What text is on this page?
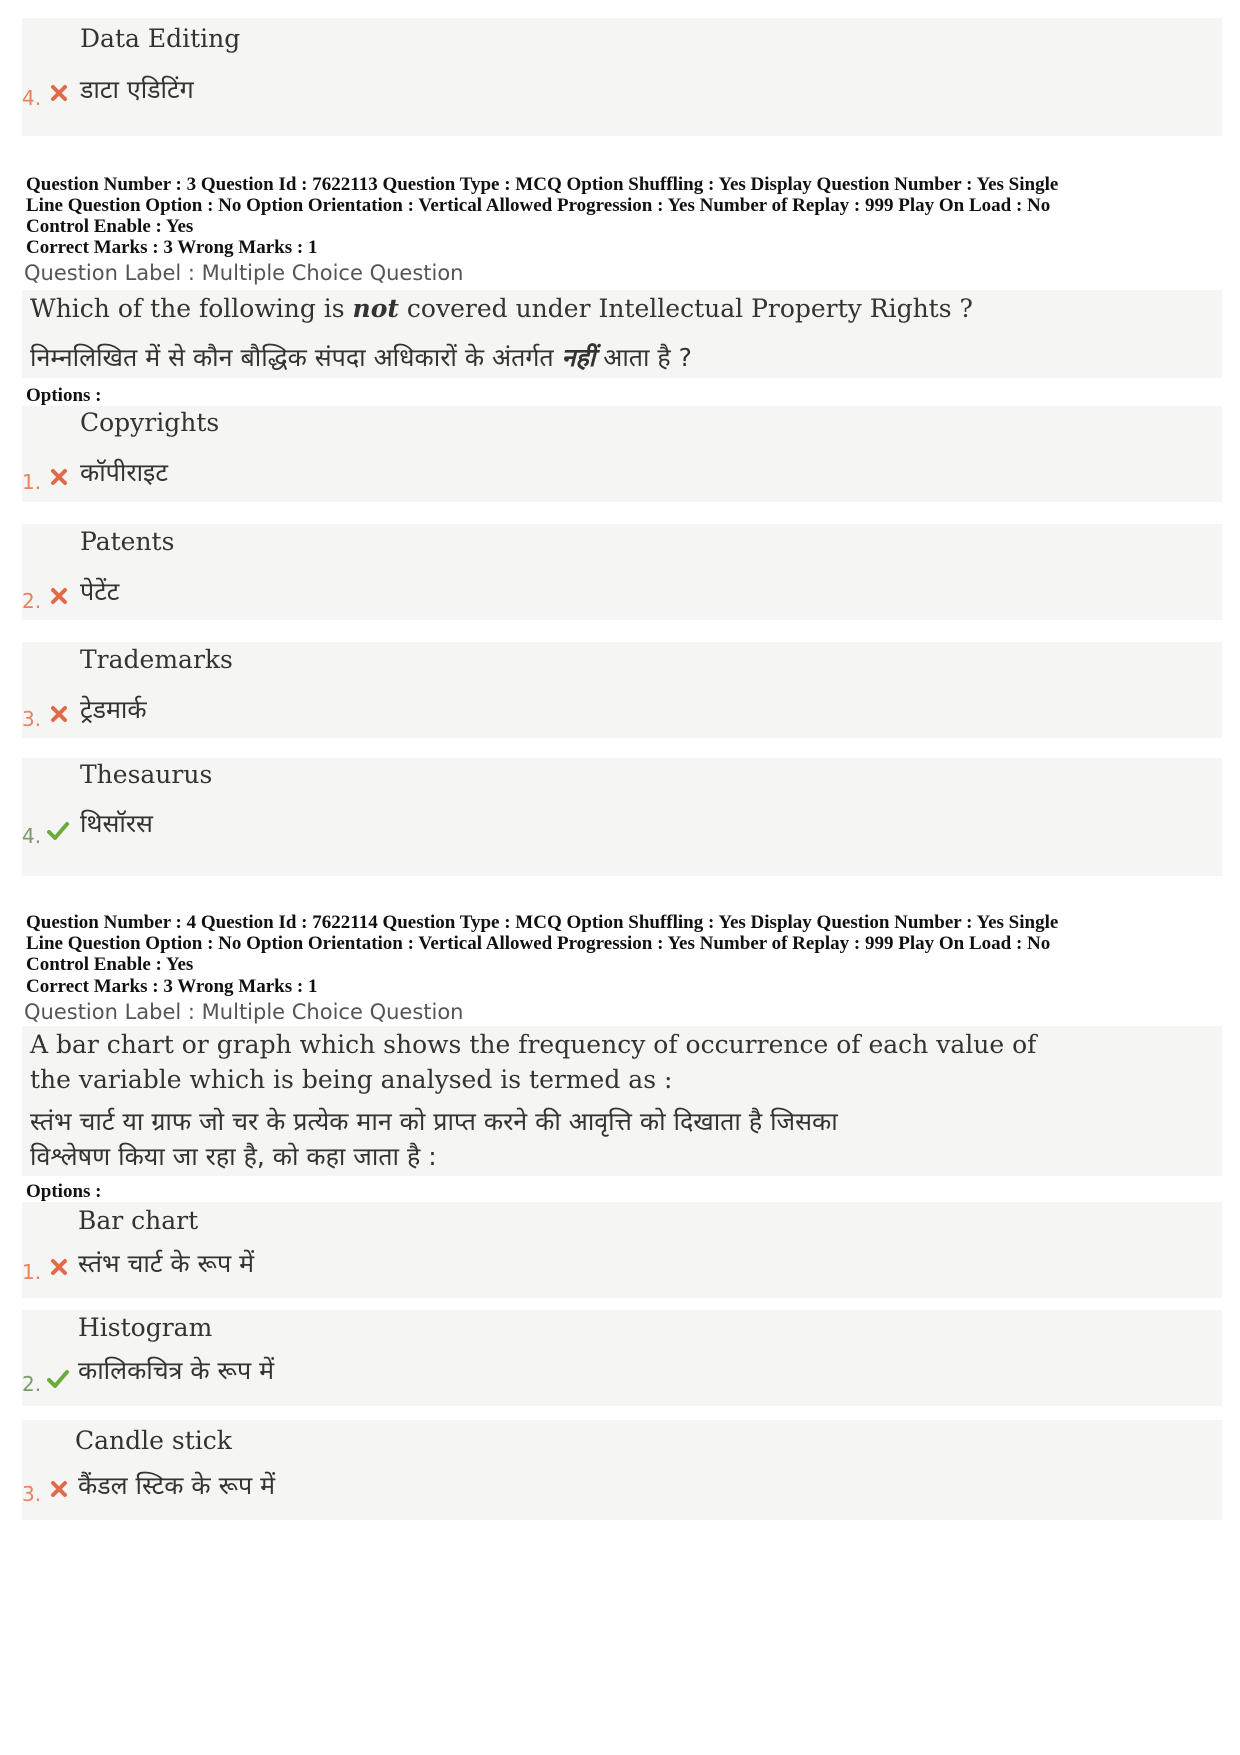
Data Editing
4. डाटा एडिटिंग
Question Number : 3 Question Id : 7622113 Question Type : MCQ Option Shuffling : Yes Display Question Number : Yes Single
Line Question Option : No Option Orientation : Vertical Allowed Progression : Yes Number of Replay : 999 Play On Load : No
Control Enable : Yes
Correct Marks : 3 Wrong Marks : 1
Question Label : Multiple Choice Question
Which of the following is not covered under Intellectual Property Rights ?
निम्नलिखित में से कौन बौद्धिक संपदा अधिकारों के अंतर्गत नहीं आता है ?
Options :
Copyrights
1. कॉपीराइट
Patents
2. पेटेंट
Trademarks
3. ट्रेडमार्क
Thesaurus
4. थिसॉरस
Question Number : 4 Question Id : 7622114 Question Type : MCQ Option Shuffling : Yes Display Question Number : Yes Single
Line Question Option : No Option Orientation : Vertical Allowed Progression : Yes Number of Replay : 999 Play On Load : No
Control Enable : Yes
Correct Marks : 3 Wrong Marks : 1
Question Label : Multiple Choice Question
A bar chart or graph which shows the frequency of occurrence of each value of
the variable which is being analysed is termed as :
स्तंभ चार्ट या ग्राफ जो चर के प्रत्येक मान को प्राप्त करने की आवृत्ति को दिखाता है जिसका
विश्लेषण किया जा रहा है, को कहा जाता है :
Options :
Bar chart
1. स्तंभ चार्ट के रूप में
Histogram
2. कालिकचित्र के रूप में
Candle stick
3. कैंडल स्टिक के रूप में
